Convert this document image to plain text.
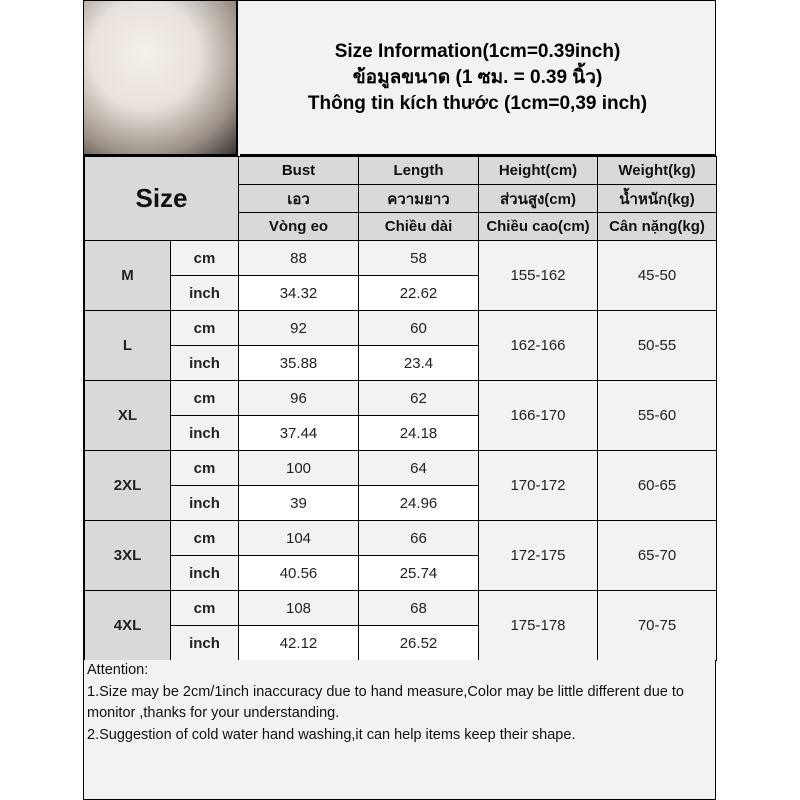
Size Information(1cm=0.39inch)
ข้อมูลขนาด (1 ซม. = 0.39 นิ้ว)
Thông tin kích thước (1cm=0,39 inch)
Size		Bust	Length	Height(cm)	Weight(kg)
		เอว	ความยาว	ส่วนสูง(cm)	น้ำหนัก(kg)
		Vòng eo	Chiều dài	Chiều cao(cm)	Cân nặng(kg)
M	cm	88	58	155-162	45-50
	inch	34.32	22.62		
L	cm	92	60	162-166	50-55
	inch	35.88	23.4		
XL	cm	96	62	166-170	55-60
	inch	37.44	24.18		
2XL	cm	100	64	170-172	60-65
	inch	39	24.96		
3XL	cm	104	66	172-175	65-70
	inch	40.56	25.74		
4XL	cm	108	68	175-178	70-75
	inch	42.12	26.52		
Attention:
1.Size may be 2cm/1inch inaccuracy due to hand measure,Color may be little different due to monitor ,thanks for your understanding.
2.Suggestion of cold water hand washing,it can help items keep their shape.
